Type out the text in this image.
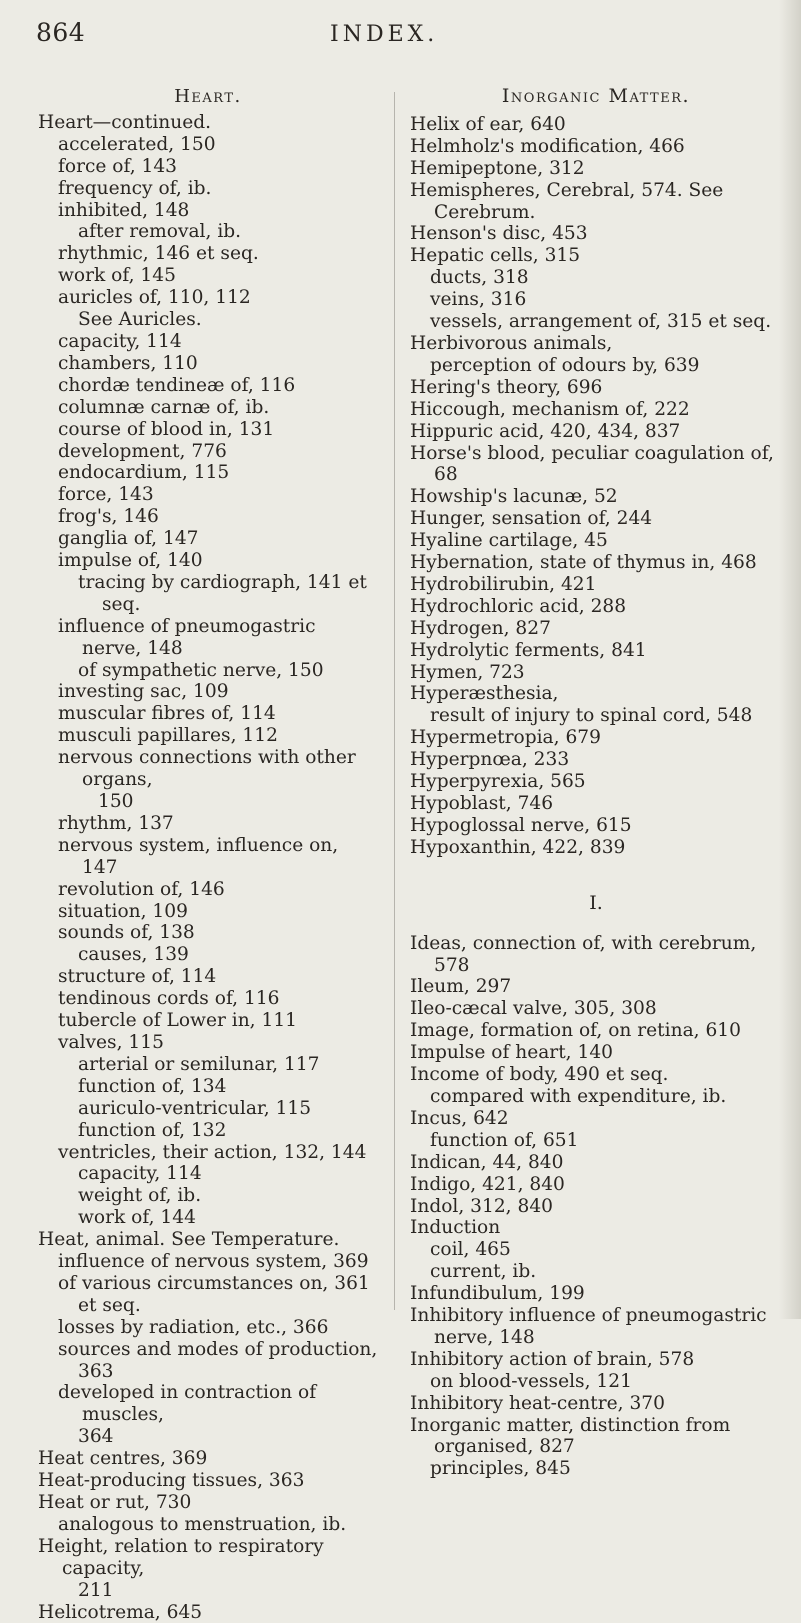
864	INDEX.
Heart.
Heart—continued.
accelerated, 150
force of, 143
frequency of, ib.
inhibited, 148
after removal, ib.
rhythmic, 146 et seq.
work of, 145
auricles of, 110, 112
See Auricles.
capacity, 114
chambers, 110
chordæ tendineæ of, 116
columnæ carnæ of, ib.
course of blood in, 131
development, 776
endocardium, 115
force, 143
frog's, 146
ganglia of, 147
impulse of, 140
tracing by cardiograph, 141 et seq.
influence of pneumogastric nerve, 148
of sympathetic nerve, 150
investing sac, 109
muscular fibres of, 114
musculi papillares, 112
nervous connections with other organs,
150
rhythm, 137
nervous system, influence on, 147
revolution of, 146
situation, 109
sounds of, 138
causes, 139
structure of, 114
tendinous cords of, 116
tubercle of Lower in, 111
valves, 115
arterial or semilunar, 117
function of, 134
auriculo-ventricular, 115
function of, 132
ventricles, their action, 132, 144
capacity, 114
weight of, ib.
work of, 144
Heat, animal. See Temperature.
influence of nervous system, 369
of various circumstances on, 361
et seq.
losses by radiation, etc., 366
sources and modes of production,
363
developed in contraction of muscles,
364
Heat centres, 369
Heat-producing tissues, 363
Heat or rut, 730
analogous to menstruation, ib.
Height, relation to respiratory capacity,
211
Helicotrema, 645
Inorganic Matter.
Helix of ear, 640
Helmholz's modification, 466
Hemipeptone, 312
Hemispheres, Cerebral, 574. See Cerebrum.
Henson's disc, 453
Hepatic cells, 315
ducts, 318
veins, 316
vessels, arrangement of, 315 et seq.
Herbivorous animals,
perception of odours by, 639
Hering's theory, 696
Hiccough, mechanism of, 222
Hippuric acid, 420, 434, 837
Horse's blood, peculiar coagulation of, 68
Howship's lacunæ, 52
Hunger, sensation of, 244
Hyaline cartilage, 45
Hybernation, state of thymus in, 468
Hydrobilirubin, 421
Hydrochloric acid, 288
Hydrogen, 827
Hydrolytic ferments, 841
Hymen, 723
Hyperæsthesia,
result of injury to spinal cord, 548
Hypermetropia, 679
Hyperpnœa, 233
Hyperpyrexia, 565
Hypoblast, 746
Hypoglossal nerve, 615
Hypoxanthin, 422, 839
I.
Ideas, connection of, with cerebrum, 578
Ileum, 297
Ileo-cæcal valve, 305, 308
Image, formation of, on retina, 610
Impulse of heart, 140
Income of body, 490 et seq.
compared with expenditure, ib.
Incus, 642
function of, 651
Indican, 44, 840
Indigo, 421, 840
Indol, 312, 840
Induction
coil, 465
current, ib.
Infundibulum, 199
Inhibitory influence of pneumogastric nerve, 148
Inhibitory action of brain, 578
on blood-vessels, 121
Inhibitory heat-centre, 370
Inorganic matter, distinction from organised, 827
principles, 845
